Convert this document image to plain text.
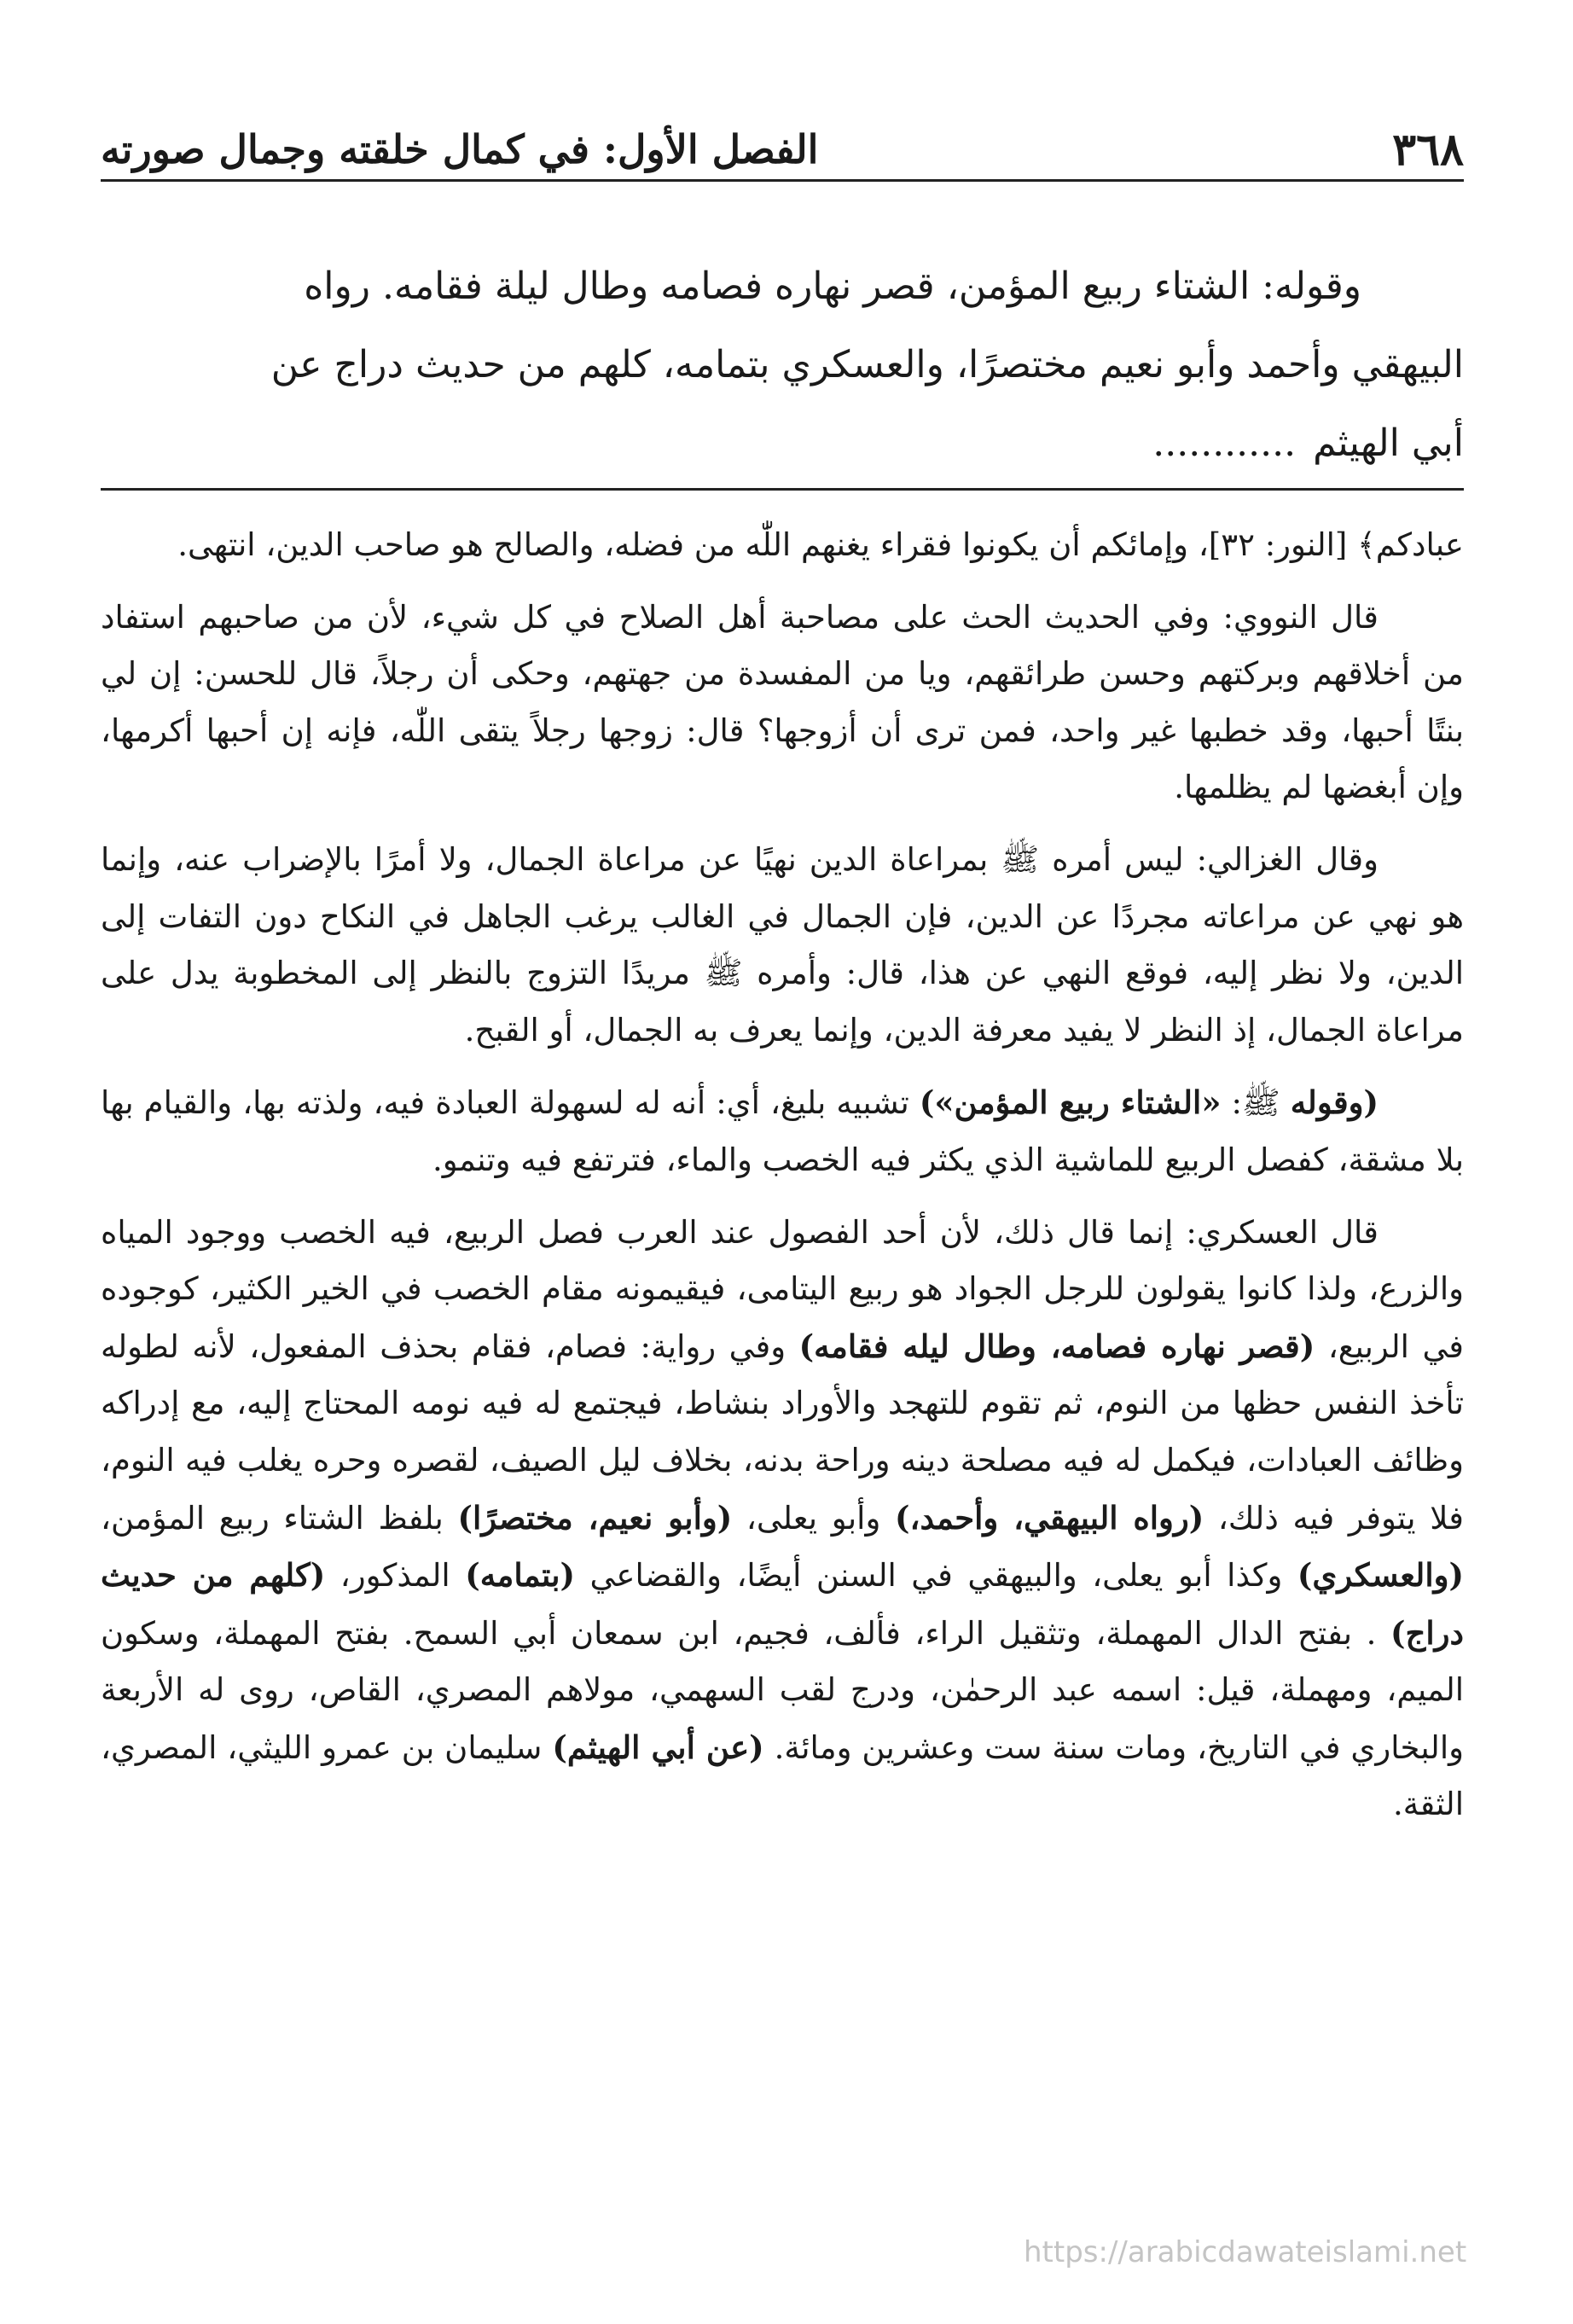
٣٦٨
الفصل الأول: في كمال خلقته وجمال صورته
وقوله: الشتاء ربيع المؤمن، قصر نهاره فصامه وطال ليلة فقامه. رواه
البيهقي وأحمد وأبو نعيم مختصرًا، والعسكري بتمامه، كلهم من حديث دراج عن
أبي الهيثم............

عبادكم﴾ [النور: ٣٢]، وإمائكم أن يكونوا فقراء يغنهم اللّٰه من فضله، والصالح هو صاحب الدين، انتهى.

قال النووي: وفي الحديث الحث على مصاحبة أهل الصلاح في كل شيء، لأن من صاحبهم استفاد من أخلاقهم وبركتهم وحسن طرائقهم، ويا من المفسدة من جهتهم، وحكى أن رجلاً، قال للحسن: إن لي بنتًا أحبها، وقد خطبها غير واحد، فمن ترى أن أزوجها؟ قال: زوجها رجلاً يتقى اللّٰه، فإنه إن أحبها أكرمها، وإن أبغضها لم يظلمها.

وقال الغزالي: ليس أمره ﷺ بمراعاة الدين نهيًا عن مراعاة الجمال، ولا أمرًا بالإضراب عنه، وإنما هو نهي عن مراعاته مجردًا عن الدين، فإن الجمال في الغالب يرغب الجاهل في النكاح دون التفات إلى الدين، ولا نظر إليه، فوقع النهي عن هذا، قال: وأمره ﷺ مريدًا التزوج بالنظر إلى المخطوبة يدل على مراعاة الجمال، إذ النظر لا يفيد معرفة الدين، وإنما يعرف به الجمال، أو القبح.

(وقوله ﷺ: «الشتاء ربيع المؤمن») تشبيه بليغ، أي: أنه له لسهولة العبادة فيه، ولذته بها، والقيام بها بلا مشقة، كفصل الربيع للماشية الذي يكثر فيه الخصب والماء، فترتفع فيه وتنمو.

قال العسكري: إنما قال ذلك، لأن أحد الفصول عند العرب فصل الربيع، فيه الخصب ووجود المياه والزرع، ولذا كانوا يقولون للرجل الجواد هو ربيع اليتامى، فيقيمونه مقام الخصب في الخير الكثير، كوجوده في الربيع، (قصر نهاره فصامه، وطال ليله فقامه) وفي رواية: فصام، فقام بحذف المفعول، لأنه لطوله تأخذ النفس حظها من النوم، ثم تقوم للتهجد والأوراد بنشاط، فيجتمع له فيه نومه المحتاج إليه، مع إدراكه وظائف العبادات، فيكمل له فيه مصلحة دينه وراحة بدنه، بخلاف ليل الصيف، لقصره وحره يغلب فيه النوم، فلا يتوفر فيه ذلك، (رواه البيهقي، وأحمد،) وأبو يعلى، (وأبو نعيم، مختصرًا) بلفظ الشتاء ربيع المؤمن، (والعسكري) وكذا أبو يعلى، والبيهقي في السنن أيضًا، والقضاعي (بتمامه) المذكور، (كلهم من حديث دراج) . بفتح الدال المهملة، وتثقيل الراء، فألف، فجيم، ابن سمعان أبي السمح. بفتح المهملة، وسكون الميم، ومهملة، قيل: اسمه عبد الرحمٰن، ودرج لقب السهمي، مولاهم المصري، القاص، روى له الأربعة والبخاري في التاريخ، ومات سنة ست وعشرين ومائة. (عن أبي الهيثم) سليمان بن عمرو الليثي، المصري، الثقة.

https://arabicdawateislami.net
